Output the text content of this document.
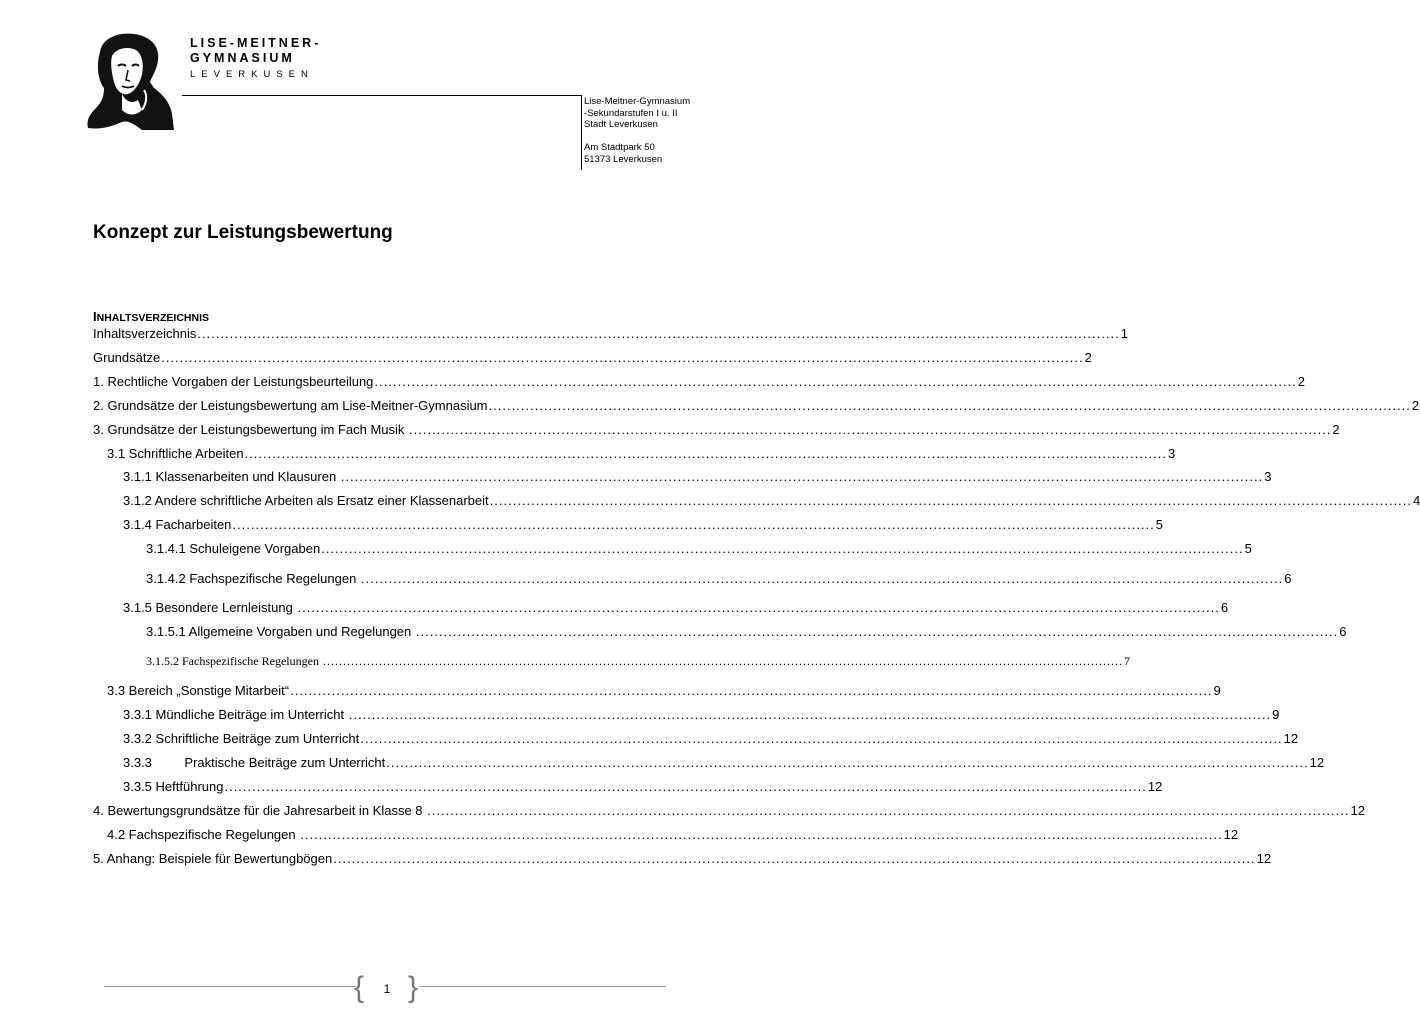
LISE-MEITNER-
GYMNASIUM
LEVERKUSEN
Lise-Meitner-Gymnasium
-Sekundarstufen I u. II
Stadt Leverkusen
Am Stadtpark 50
51373 Leverkusen
Konzept zur Leistungsbewertung
INHALTSVERZEICHNIS
Inhaltsverzeichnis ........................................................................................................................................................................................................ 1
Grundsätze ........................................................................................................................................................................................................ 2
1. Rechtliche Vorgaben der Leistungsbeurteilung ........................................................................................................................................................................................................ 2
2. Grundsätze der Leistungsbewertung am Lise-Meitner-Gymnasium ........................................................................................................................................................................................................ 2
3. Grundsätze der Leistungsbewertung im Fach Musik ........................................................................................................................................................................................................ 2
3.1 Schriftliche Arbeiten ........................................................................................................................................................................................................ 3
3.1.1 Klassenarbeiten und Klausuren ........................................................................................................................................................................................................ 3
3.1.2 Andere schriftliche Arbeiten als Ersatz einer Klassenarbeit ........................................................................................................................................................................................................ 4
3.1.4 Facharbeiten ........................................................................................................................................................................................................ 5
3.1.4.1 Schuleigene Vorgaben ........................................................................................................................................................................................................ 5
3.1.4.2 Fachspezifische Regelungen ........................................................................................................................................................................................................ 6
3.1.5 Besondere Lernleistung ........................................................................................................................................................................................................ 6
3.1.5.1 Allgemeine Vorgaben und Regelungen ........................................................................................................................................................................................................ 6
3.1.5.2 Fachspezifische Regelungen ........................................................................................................................................................................................................ 7
3.3 Bereich „Sonstige Mitarbeit“ ........................................................................................................................................................................................................ 9
3.3.1 Mündliche Beiträge im Unterricht ........................................................................................................................................................................................................ 9
3.3.2 Schriftliche Beiträge zum Unterricht ........................................................................................................................................................................................................ 12
3.3.3         Praktische Beiträge zum Unterricht ........................................................................................................................................................................................................ 12
3.3.5 Heftführung ........................................................................................................................................................................................................ 12
4. Bewertungsgrundsätze für die Jahresarbeit in Klasse 8 ........................................................................................................................................................................................................ 12
4.2 Fachspezifische Regelungen ........................................................................................................................................................................................................ 12
5. Anhang: Beispiele für Bewertungbögen ........................................................................................................................................................................................................ 12
{ 1 }
